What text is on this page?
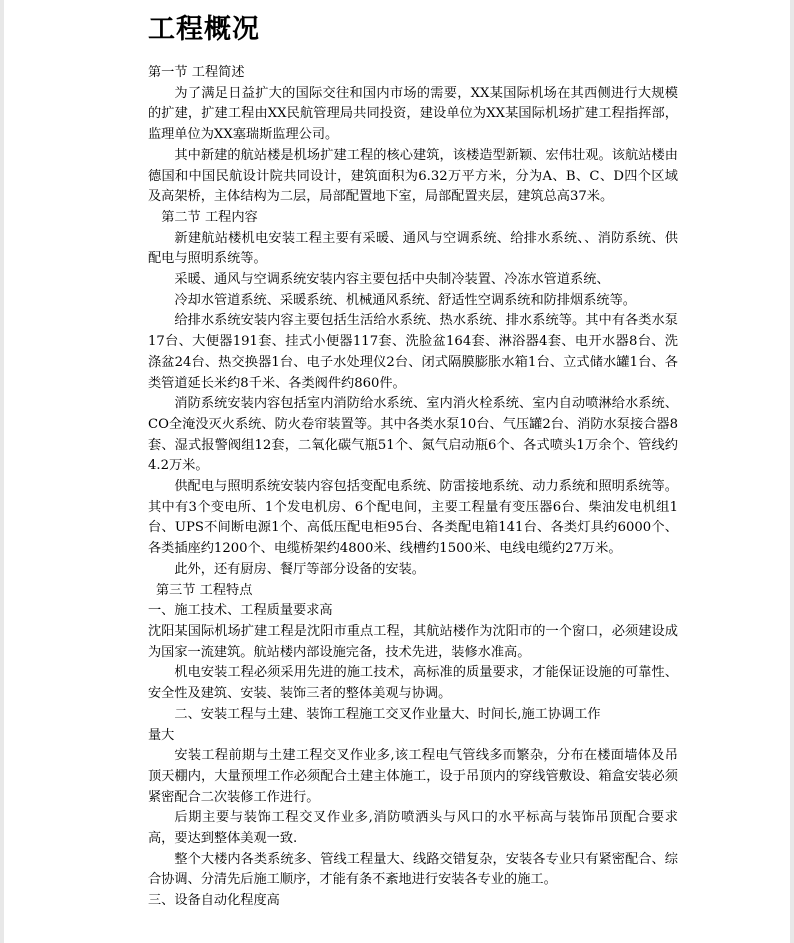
工程概况

第一节 工程简述

为了满足日益扩大的国际交往和国内市场的需要，XX某国际机场在其西侧进行大规模的扩建，扩建工程由XX民航管理局共同投资，建设单位为XX某国际机场扩建工程指挥部，监理单位为XX塞瑞斯监理公司。

其中新建的航站楼是机场扩建工程的核心建筑，该楼造型新颖、宏伟壮观。该航站楼由德国和中国民航设计院共同设计，建筑面积为6.32万平方米，分为A、B、C、D四个区域及高架桥，主体结构为二层，局部配置地下室，局部配置夹层，建筑总高37米。

第二节 工程内容

新建航站楼机电安装工程主要有采暖、通风与空调系统、给排水系统、、消防系统、供配电与照明系统等。

采暖、通风与空调系统安装内容主要包括中央制冷装置、冷冻水管道系统、

冷却水管道系统、采暖系统、机械通风系统、舒适性空调系统和防排烟系统等。

给排水系统安装内容主要包括生活给水系统、热水系统、排水系统等。其中有各类水泵17台、大便器191套、挂式小便器117套、洗脸盆164套、淋浴器4套、电开水器8台、洗涤盆24台、热交换器1台、电子水处理仪2台、闭式隔膜膨胀水箱1台、立式储水罐1台、各类管道延长米约8千米、各类阀件约860件。

消防系统安装内容包括室内消防给水系统、室内消火栓系统、室内自动喷淋给水系统、CO全淹没灭火系统、防火卷帘装置等。其中各类水泵10台、气压罐2台、消防水泵接合器8套、湿式报警阀组12套，二氧化碳气瓶51个、氮气启动瓶6个、各式喷头1万余个、管线约4.2万米。

供配电与照明系统安装内容包括变配电系统、防雷接地系统、动力系统和照明系统等。其中有3个变电所、1个发电机房、6个配电间，主要工程量有变压器6台、柴油发电机组1台、UPS不间断电源1个、高低压配电柜95台、各类配电箱141台、各类灯具约6000个、各类插座约1200个、电缆桥架约4800米、线槽约1500米、电线电缆约27万米。

此外，还有厨房、餐厅等部分设备的安装。

第三节 工程特点

一、施工技术、工程质量要求高

沈阳某国际机场扩建工程是沈阳市重点工程，其航站楼作为沈阳市的一个窗口，必须建设成为国家一流建筑。航站楼内部设施完备，技术先进，装修水准高。

机电安装工程必须采用先进的施工技术，高标准的质量要求，才能保证设施的可靠性、安全性及建筑、安装、装饰三者的整体美观与协调。

二、安装工程与土建、装饰工程施工交叉作业量大、时间长,施工协调工作

量大

安装工程前期与土建工程交叉作业多,该工程电气管线多而繁杂，分布在楼面墙体及吊顶天棚内，大量预埋工作必须配合土建主体施工，设于吊顶内的穿线管敷设、箱盒安装必须紧密配合二次装修工作进行。

后期主要与装饰工程交叉作业多,消防喷洒头与风口的水平标高与装饰吊顶配合要求高，要达到整体美观一致.

整个大楼内各类系统多、管线工程量大、线路交错复杂，安装各专业只有紧密配合、综合协调、分清先后施工顺序，才能有条不紊地进行安装各专业的施工。

三、设备自动化程度高
